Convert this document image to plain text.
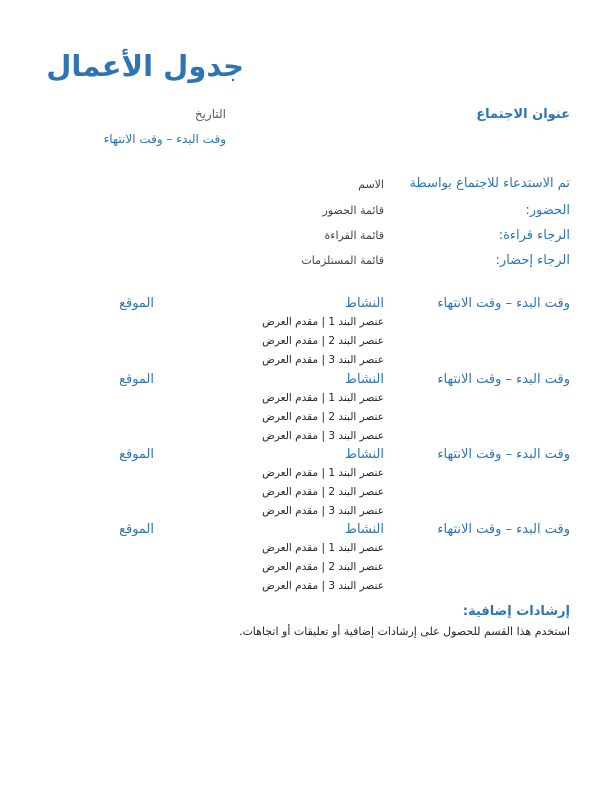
جدول الأعمال
عنوان الاجتماع
التاريخ
وقت البدء – وقت الانتهاء
تم الاستدعاء للاجتماع بواسطة
الاسم
الحضور:
قائمة الحضور
الرجاء قراءة:
قائمة القراءة
الرجاء إحضار:
قائمة المستلزمات
وقت البدء – وقت الانتهاء
النشاط
الموقع
عنصر البند 1 | مقدم العرض
عنصر البند 2 | مقدم العرض
عنصر البند 3 | مقدم العرض
وقت البدء – وقت الانتهاء
النشاط
الموقع
عنصر البند 1 | مقدم العرض
عنصر البند 2 | مقدم العرض
عنصر البند 3 | مقدم العرض
وقت البدء – وقت الانتهاء
النشاط
الموقع
عنصر البند 1 | مقدم العرض
عنصر البند 2 | مقدم العرض
عنصر البند 3 | مقدم العرض
وقت البدء – وقت الانتهاء
النشاط
الموقع
عنصر البند 1 | مقدم العرض
عنصر البند 2 | مقدم العرض
عنصر البند 3 | مقدم العرض
إرشادات إضافية:
استخدم هذا القسم للحصول على إرشادات إضافية أو تعليقات أو اتجاهات.
